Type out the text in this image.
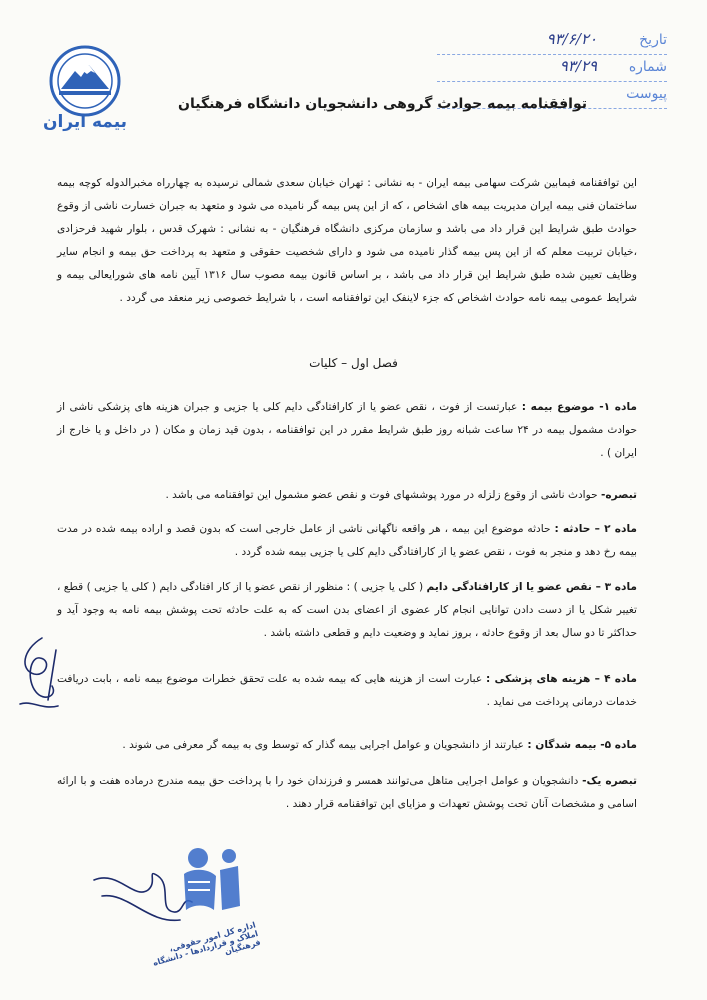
بیمه ایران
تاریخ
۹۳/۶/۲۰
شماره
۹۳/۲۹
پیوست
توافقنامه بیمه حوادث گروهی دانشجویان دانشگاه فرهنگیان
این توافقنامه فیمابین شرکت سهامی بیمه ایران - به نشانی : تهران خیابان سعدی شمالی نرسیده به چهارراه مخبرالدوله کوچه بیمه ساختمان فنی بیمه ایران مدیریت بیمه های اشخاص ، که از این پس بیمه گر نامیده می شود و متعهد به جبران خسارت ناشی از وقوع حوادث طبق شرایط این قرار داد می باشد و سازمان مرکزی دانشگاه فرهنگیان - به نشانی : شهرک قدس ، بلوار شهید فرحزادی ،خیابان تربیت معلم که از این پس بیمه گذار نامیده می شود و دارای شخصیت حقوقی و متعهد به پرداخت حق بیمه و انجام سایر وظایف تعیین شده طبق شرایط این قرار داد می باشد ، بر اساس قانون بیمه مصوب سال ۱۳۱۶ آیین نامه های شورایعالی بیمه و شرایط عمومی بیمه نامه حوادث اشخاص که جزء لاینفک این توافقنامه است ، با شرایط خصوصی زیر منعقد می گردد .
فصل اول – کلیات
ماده ۱- موضوع بیمه : عبارتست از فوت ، نقص عضو یا از کارافتادگی دایم کلی یا جزیی و جبران هزینه های پزشکی ناشی از حوادث مشمول بیمه در ۲۴ ساعت شبانه روز طبق شرایط مقرر در این توافقنامه ، بدون قید زمان و مکان ( در داخل و یا خارج از ایران ) .
تبصره- حوادث ناشی از وقوع زلزله در مورد پوششهای فوت و نقص عضو مشمول این توافقنامه می باشد .
ماده ۲ – حادثه : حادثه موضوع این بیمه ، هر واقعه ناگهانی ناشی از عامل خارجی است که بدون قصد و اراده بیمه شده در مدت بیمه رخ دهد و منجر به فوت ، نقص عضو یا از کارافتادگی دایم کلی یا جزیی بیمه شده گردد .
ماده ۳ – نقص عضو یا از کارافتادگی دایم ( کلی یا جزیی ) : منظور از نقص عضو یا از کار افتادگی دایم ( کلی یا جزیی ) قطع ، تغییر شکل یا از دست دادن توانایی انجام کار عضوی از اعضای بدن است که به علت حادثه تحت پوشش بیمه نامه به وجود آید و حداکثر تا دو سال بعد از وقوع حادثه ، بروز نماید و وضعیت دایم و قطعی داشته باشد .
ماده ۴ – هزینه های پزشکی : عبارت است از هزینه هایی که بیمه شده به علت تحقق خطرات موضوع بیمه نامه ، بابت دریافت خدمات درمانی پرداخت می نماید .
ماده ۵- بیمه شدگان : عبارتند از دانشجویان و عوامل اجرایی بیمه گذار که توسط وی به بیمه گر معرفی می شوند .
تبصره یک- دانشجویان و عوامل اجرایی متاهل می‌توانند همسر و فرزندان خود را با پرداخت حق بیمه مندرج درماده هفت و با ارائه اسامی و مشخصات آنان تحت پوشش تعهدات و مزایای این توافقنامه قرار دهند .
اداره کل امور حقوقی، املاک و قراردادها - دانشگاه فرهنگیان
